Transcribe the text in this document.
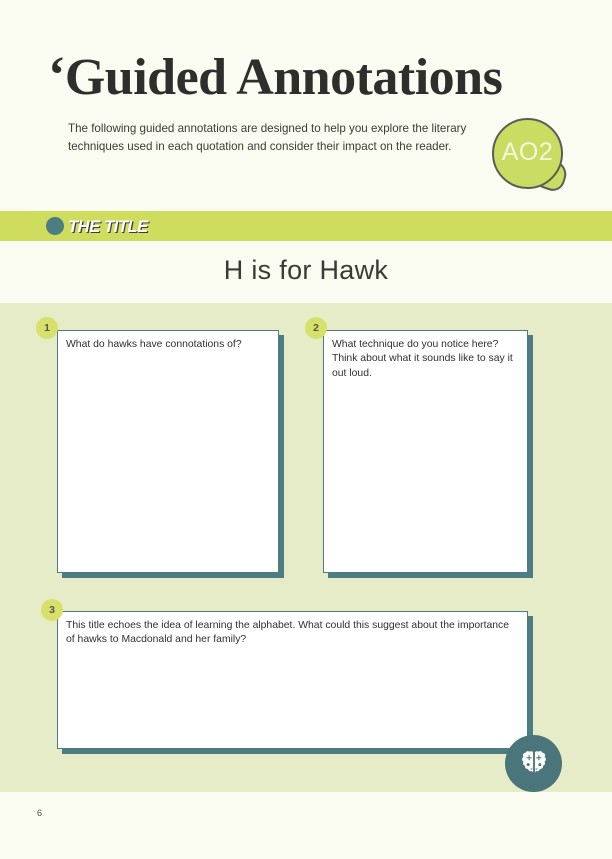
‘Guided Annotations
The following guided annotations are designed to help you explore the literary techniques used in each quotation and consider their impact on the reader.	AO2
THE TITLE
H is for Hawk
1
What do hawks have connotations of?
2
What technique do you notice here? Think about what it sounds like to say it out loud.
3
This title echoes the idea of learning the alphabet. What could this suggest about the importance of hawks to Macdonald and her family?
6
